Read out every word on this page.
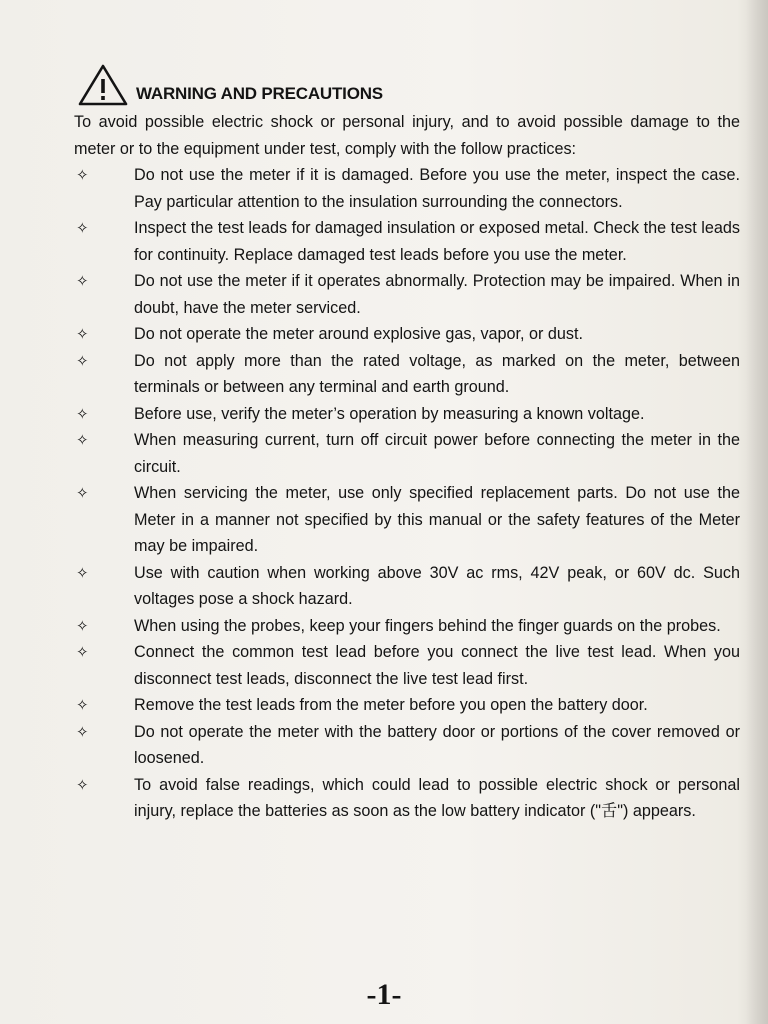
WARNING AND PRECAUTIONS
To avoid possible electric shock or personal injury, and to avoid possible damage to the meter or to the equipment under test, comply with the follow practices:
✧	Do not use the meter if it is damaged. Before you use the meter, inspect the case. Pay particular attention to the insulation surrounding the connectors.
✧	Inspect the test leads for damaged insulation or exposed metal. Check the test leads for continuity. Replace damaged test leads before you use the meter.
✧	Do not use the meter if it operates abnormally. Protection may be impaired. When in doubt, have the meter serviced.
✧	Do not operate the meter around explosive gas, vapor, or dust.
✧	Do not apply more than the rated voltage, as marked on the meter, between terminals or between any terminal and earth ground.
✧	Before use, verify the meter’s operation by measuring a known voltage.
✧	When measuring current, turn off circuit power before connecting the meter in the circuit.
✧	When servicing the meter, use only specified replacement parts. Do not use the Meter in a manner not specified by this manual or the safety features of the Meter may be impaired.
✧	Use with caution when working above 30V ac rms, 42V peak, or 60V dc. Such voltages pose a shock hazard.
✧	When using the probes, keep your fingers behind the finger guards on the probes.
✧	Connect the common test lead before you connect the live test lead. When you disconnect test leads, disconnect the live test lead first.
✧	Remove the test leads from the meter before you open the battery door.
✧	Do not operate the meter with the battery door or portions of the cover removed or loosened.
✧	To avoid false readings, which could lead to possible electric shock or personal injury, replace the batteries as soon as the low battery indicator ("⾆") appears.
-1-
